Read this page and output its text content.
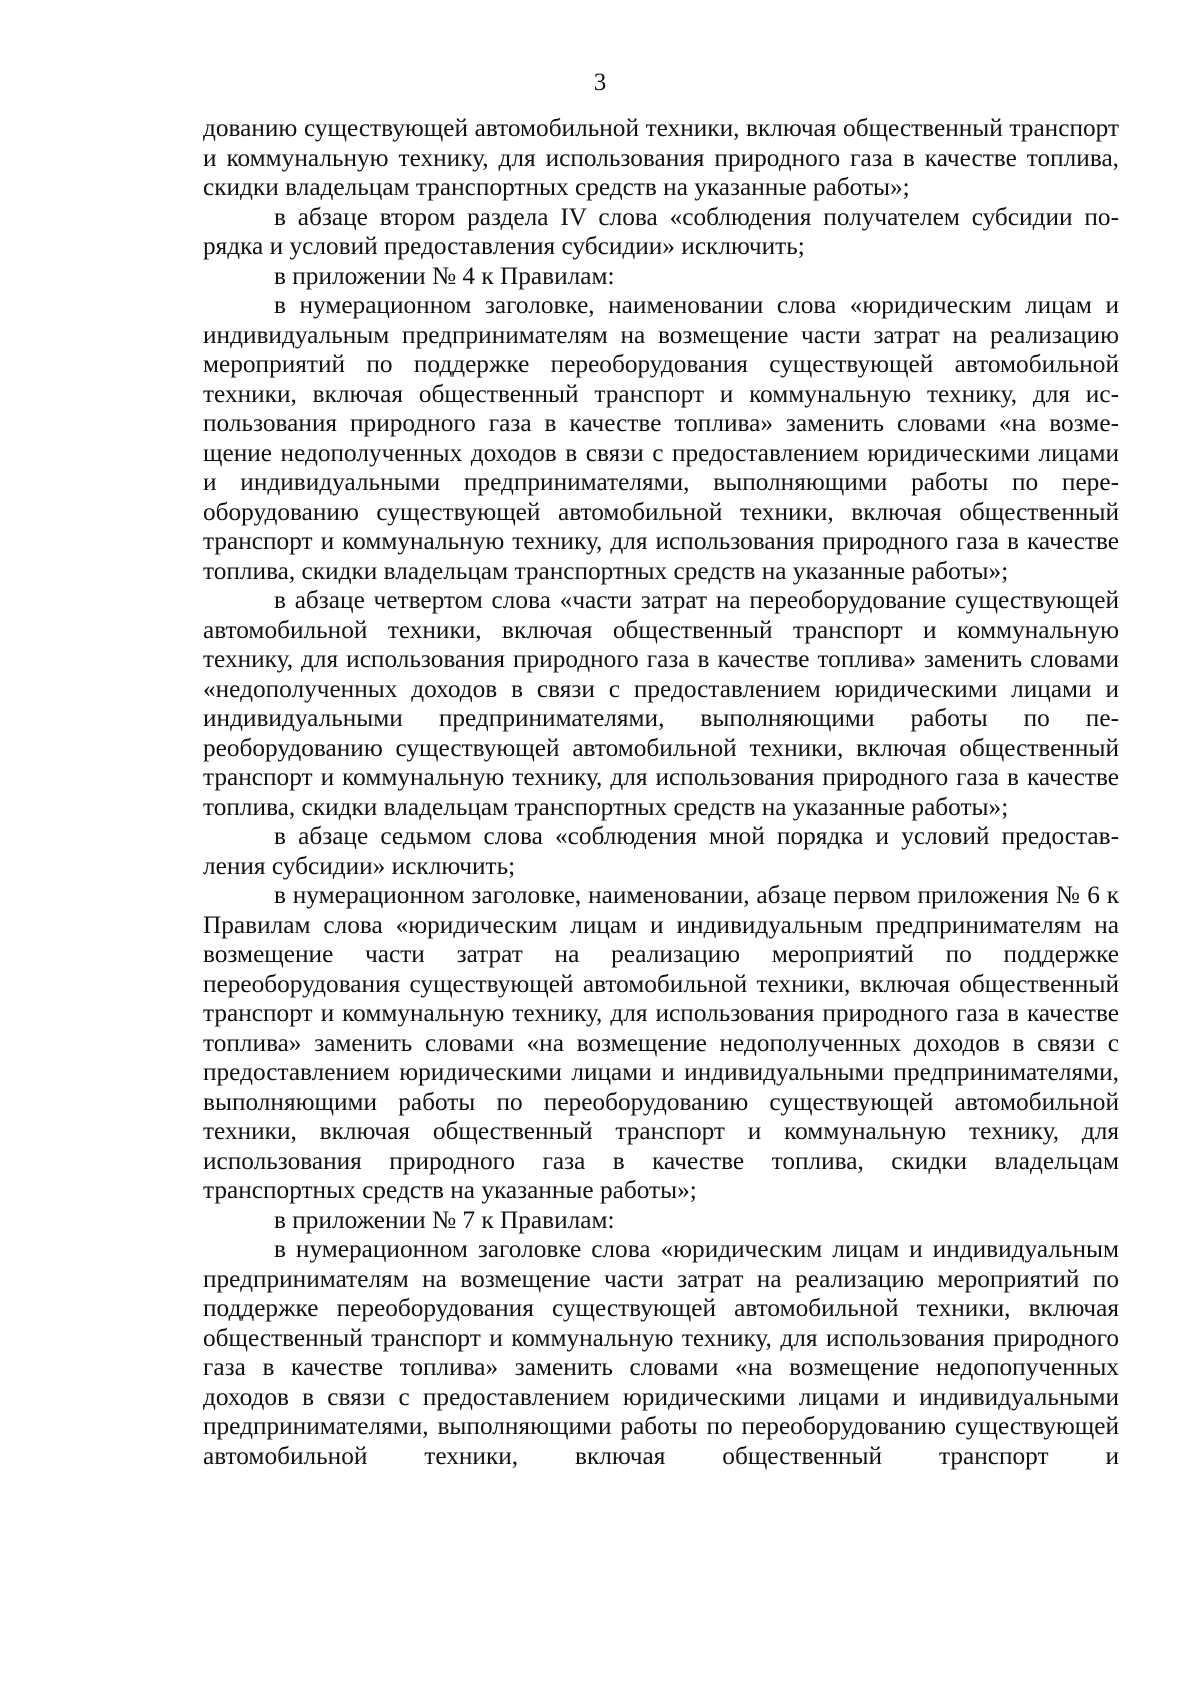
3

дованию существующей автомобильной техники, включая общественный транспорт и коммунальную технику, для использования природного газа в качестве топлива, скидки владельцам транспортных средств на указанные работы»;

в абзаце втором раздела IV слова «соблюдения получателем субсидии порядка и условий предоставления субсидии» исключить;

в приложении № 4 к Правилам:

в нумерационном заголовке, наименовании слова «юридическим лицам и индивидуальным предпринимателям на возмещение части затрат на реализацию мероприятий по поддержке переоборудования существующей автомобильной техники, включая общественный транспорт и коммунальную технику, для использования природного газа в качестве топлива» заменить словами «на возмещение недополученных доходов в связи с предоставлением юридическими лицами и индивидуальными предпринимателями, выполняющими работы по переоборудованию существующей автомобильной техники, включая общественный транспорт и коммунальную технику, для использования природного газа в качестве топлива, скидки владельцам транспортных средств на указанные работы»;

в абзаце четвертом слова «части затрат на переоборудование существующей автомобильной техники, включая общественный транспорт и коммунальную технику, для использования природного газа в качестве топлива» заменить словами «недополученных доходов в связи с предоставлением юридическими лицами и индивидуальными предпринимателями, выполняющими работы по переоборудованию существующей автомобильной техники, включая общественный транспорт и коммунальную технику, для использования природного газа в качестве топлива, скидки владельцам транспортных средств на указанные работы»;

в абзаце седьмом слова «соблюдения мной порядка и условий предоставления субсидии» исключить;

в нумерационном заголовке, наименовании, абзаце первом приложения № 6 к Правилам слова «юридическим лицам и индивидуальным предпринимателям на возмещение части затрат на реализацию мероприятий по поддержке переоборудования существующей автомобильной техники, включая общественный транспорт и коммунальную технику, для использования природного газа в качестве топлива» заменить словами «на возмещение недополученных доходов в связи с предоставлением юридическими лицами и индивидуальными предпринимателями, выполняющими работы по переоборудованию существующей автомобильной техники, включая общественный транспорт и коммунальную технику, для использования природного газа в качестве топлива, скидки владельцам транспортных средств на указанные работы»;

в приложении № 7 к Правилам:

в нумерационном заголовке слова «юридическим лицам и индивидуальным предпринимателям на возмещение части затрат на реализацию мероприятий по поддержке переоборудования существующей автомобильной техники, включая общественный транспорт и коммунальную технику, для использования природного газа в качестве топлива» заменить словами «на возмещение недопопученных доходов в связи с предоставлением юридическими лицами и индивидуальными предпринимателями, выполняющими работы по переоборудованию существующей автомобильной техники, включая общественный транспорт и
